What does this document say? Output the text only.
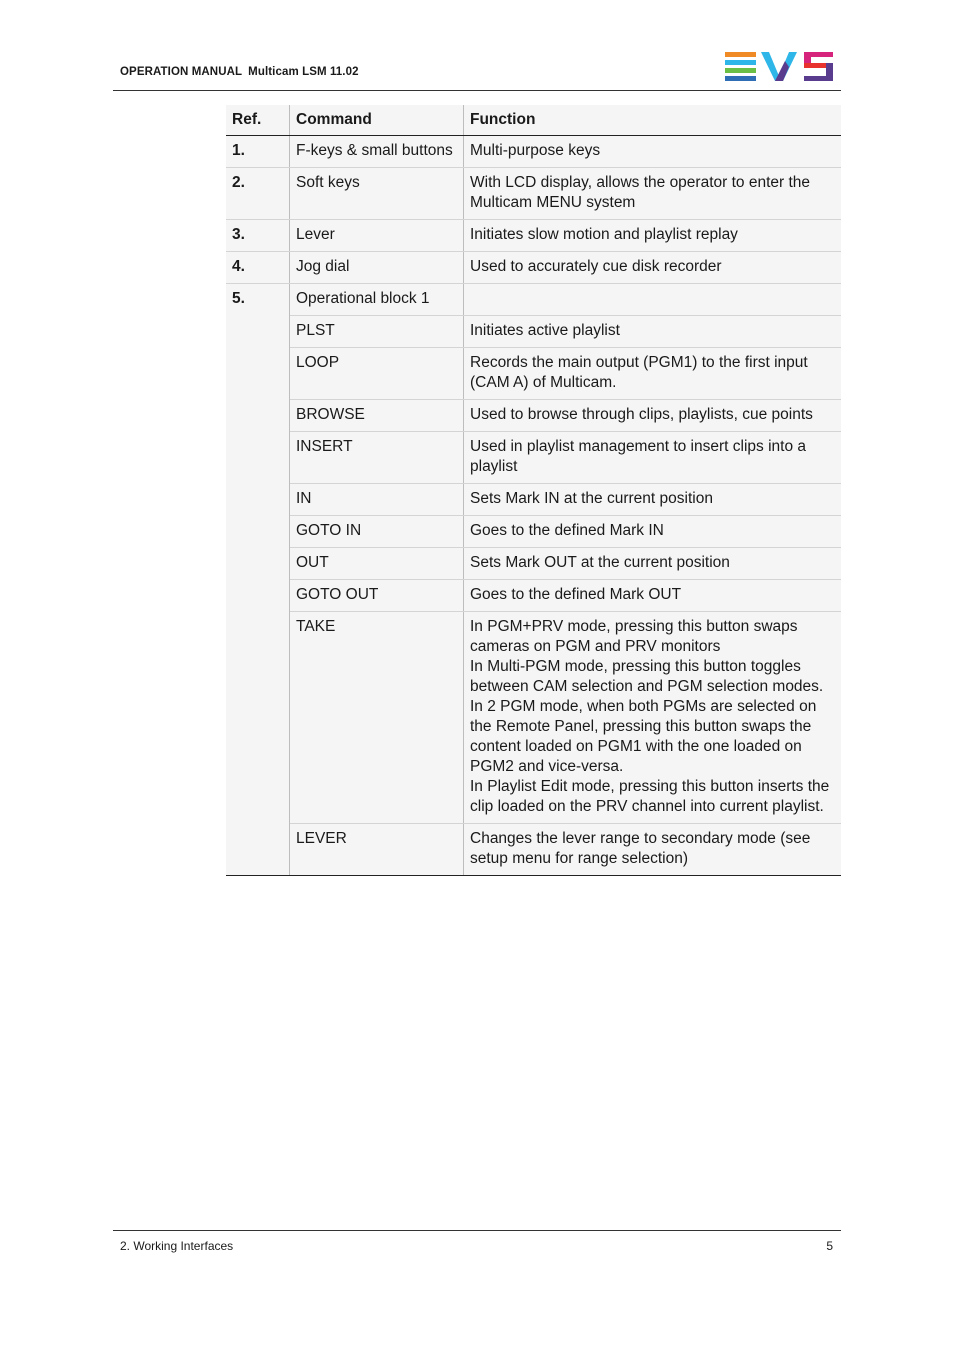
OPERATION MANUAL Multicam LSM 11.02
Ref.	Command	Function
1.	F-keys & small buttons	Multi-purpose keys
2.	Soft keys	With LCD display, allows the operator to enter the Multicam MENU system
3.	Lever	Initiates slow motion and playlist replay
4.	Jog dial	Used to accurately cue disk recorder
5.	Operational block 1	
	PLST	Initiates active playlist
	LOOP	Records the main output (PGM1) to the first input (CAM A) of Multicam.
	BROWSE	Used to browse through clips, playlists, cue points
	INSERT	Used in playlist management to insert clips into a playlist
	IN	Sets Mark IN at the current position
	GOTO IN	Goes to the defined Mark IN
	OUT	Sets Mark OUT at the current position
	GOTO OUT	Goes to the defined Mark OUT
	TAKE	In PGM+PRV mode, pressing this button swaps cameras on PGM and PRV monitors
In Multi-PGM mode, pressing this button toggles between CAM selection and PGM selection modes.
In 2 PGM mode, when both PGMs are selected on the Remote Panel, pressing this button swaps the content loaded on PGM1 with the one loaded on PGM2 and vice-versa.
In Playlist Edit mode, pressing this button inserts the clip loaded on the PRV channel into current playlist.

	LEVER	Changes the lever range to secondary mode (see setup menu for range selection)
2. Working Interfaces	5
